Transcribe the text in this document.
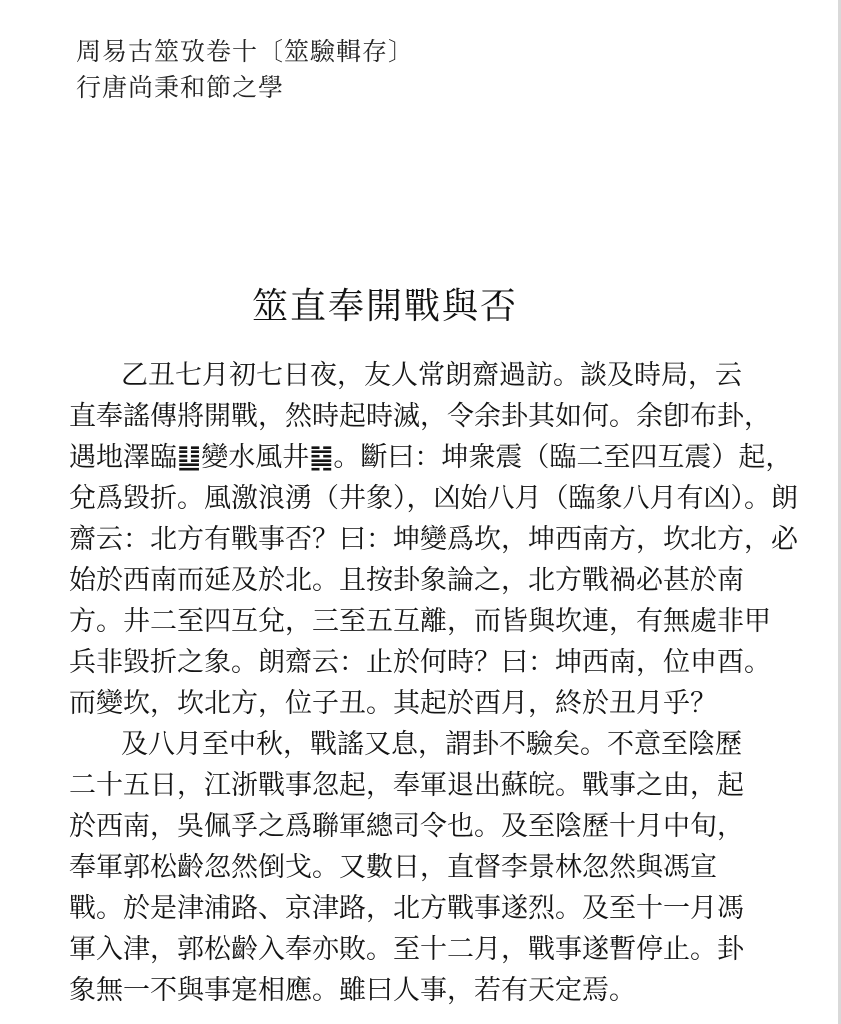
周易古筮攷卷十〔筮驗輯存〕
行唐尚秉和節之學
筮直奉開戰與否
乙丑七月初七日夜，友人常朗齋過訪。談及時局，云
直奉謠傳將開戰，然時起時滅，令余卦其如何。余卽布卦，
遇地澤臨䷒變水風井䷯。斷曰：坤衆震（臨二至四互震）起，
兌爲毀折。風激浪湧（井象），凶始八月（臨象八月有凶）。朗
齋云：北方有戰事否？曰：坤變爲坎，坤西南方，坎北方，必
始於西南而延及於北。且按卦象論之，北方戰禍必甚於南
方。井二至四互兌，三至五互離，而皆與坎連，有無處非甲
兵非毀折之象。朗齋云：止於何時？曰：坤西南，位申酉。
而變坎，坎北方，位子丑。其起於酉月，終於丑月乎？
及八月至中秋，戰謠又息，謂卦不驗矣。不意至陰歷
二十五日，江浙戰事忽起，奉軍退出蘇皖。戰事之由，起
於西南，吳佩孚之爲聯軍總司令也。及至陰歷十月中旬，
奉軍郭松齡忽然倒戈。又數日，直督李景林忽然與馮宣
戰。於是津浦路、京津路，北方戰事遂烈。及至十一月馮
軍入津，郭松齡入奉亦敗。至十二月，戰事遂暫停止。卦
象無一不與事寔相應。雖曰人事，若有天定焉。
